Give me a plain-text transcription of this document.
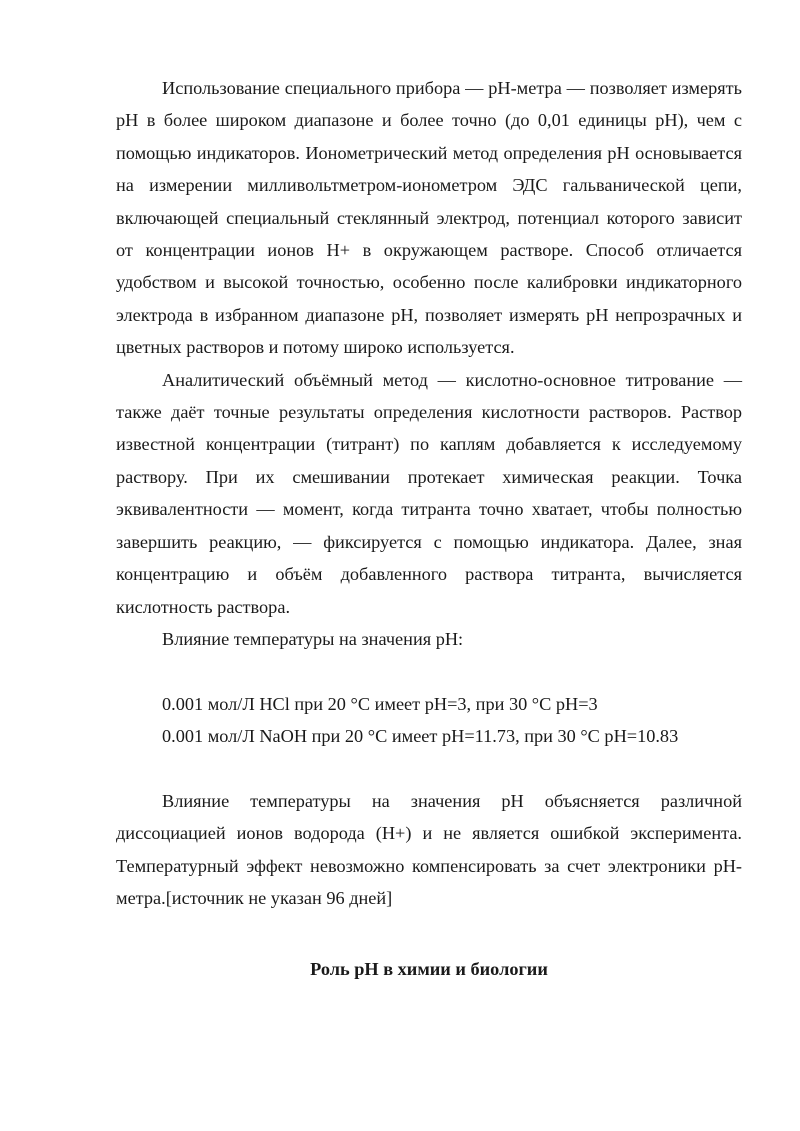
Использование специального прибора — pH-метра — позволяет измерять pH в более широком диапазоне и более точно (до 0,01 единицы pH), чем с помощью индикаторов. Ионометрический метод определения pH основывается на измерении милливольтметром-ионометром ЭДС гальванической цепи, включающей специальный стеклянный электрод, потенциал которого зависит от концентрации ионов H+ в окружающем растворе. Способ отличается удобством и высокой точностью, особенно после калибровки индикаторного электрода в избранном диапазоне pH, позволяет измерять pH непрозрачных и цветных растворов и потому широко используется.

Аналитический объёмный метод — кислотно-основное титрование — также даёт точные результаты определения кислотности растворов. Раствор известной концентрации (титрант) по каплям добавляется к исследуемому раствору. При их смешивании протекает химическая реакции. Точка эквивалентности — момент, когда титранта точно хватает, чтобы полностью завершить реакцию, — фиксируется с помощью индикатора. Далее, зная концентрацию и объём добавленного раствора титранта, вычисляется кислотность раствора.

Влияние температуры на значения pH:

0.001 мол/Л HCl при 20 °C имеет pH=3, при 30 °C pH=3

0.001 мол/Л NaOH при 20 °C имеет pH=11.73, при 30 °C pH=10.83

Влияние температуры на значения pH объясняется различной диссоциацией ионов водорода (H+) и не является ошибкой эксперимента. Температурный эффект невозможно компенсировать за счет электроники pH-метра.[источник не указан 96 дней]

Роль pH в химии и биологии
